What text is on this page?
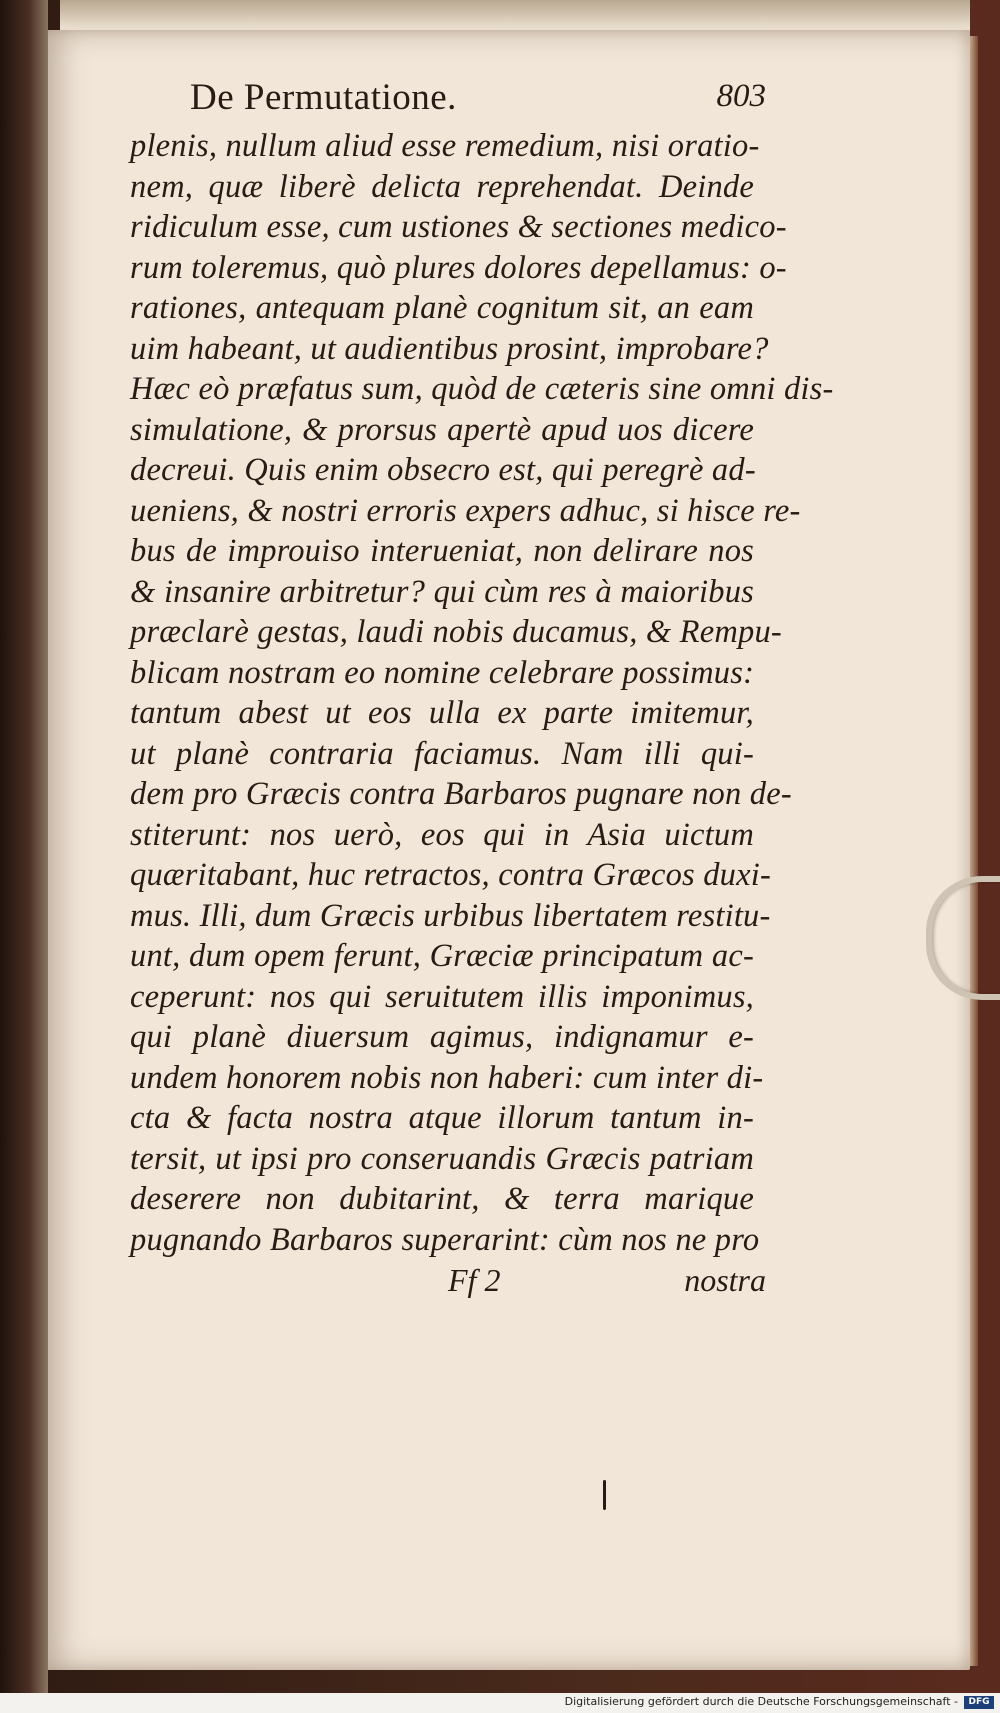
De Permutatione.	803
plenis, nullum aliud esse remedium, nisi oratio-
nem, quæ liberè delicta reprehendat. Deinde
ridiculum esse, cum ustiones & sectiones medico-
rum toleremus, quò plures dolores depellamus: o-
rationes, antequam planè cognitum sit, an eam
uim habeant, ut audientibus prosint, improbare?
Hæc eò præfatus sum, quòd de cæteris sine omni dis-
simulatione, & prorsus apertè apud uos dicere
decreui. Quis enim obsecro est, qui peregrè ad-
ueniens, & nostri erroris expers adhuc, si hisce re-
bus de improuiso interueniat, non delirare nos
& insanire arbitretur? qui cùm res à maioribus
præclarè gestas, laudi nobis ducamus, & Rempu-
blicam nostram eo nomine celebrare possimus:
tantum abest ut eos ulla ex parte imitemur,
ut planè contraria faciamus. Nam illi qui-
dem pro Græcis contra Barbaros pugnare non de-
stiterunt: nos uerò, eos qui in Asia uictum
quæritabant, huc retractos, contra Græcos duxi-
mus. Illi, dum Græcis urbibus libertatem restitu-
unt, dum opem ferunt, Græciæ principatum ac-
ceperunt: nos qui seruitutem illis imponimus,
qui planè diuersum agimus, indignamur e-
undem honorem nobis non haberi: cum inter di-
cta & facta nostra atque illorum tantum in-
tersit, ut ipsi pro conseruandis Græcis patriam
deserere non dubitarint, & terra marique
pugnando Barbaros superarint: cùm nos ne pro
Ff 2	nostra
Digitalisierung gefördert durch die Deutsche Forschungsgemeinschaft -	DFG
